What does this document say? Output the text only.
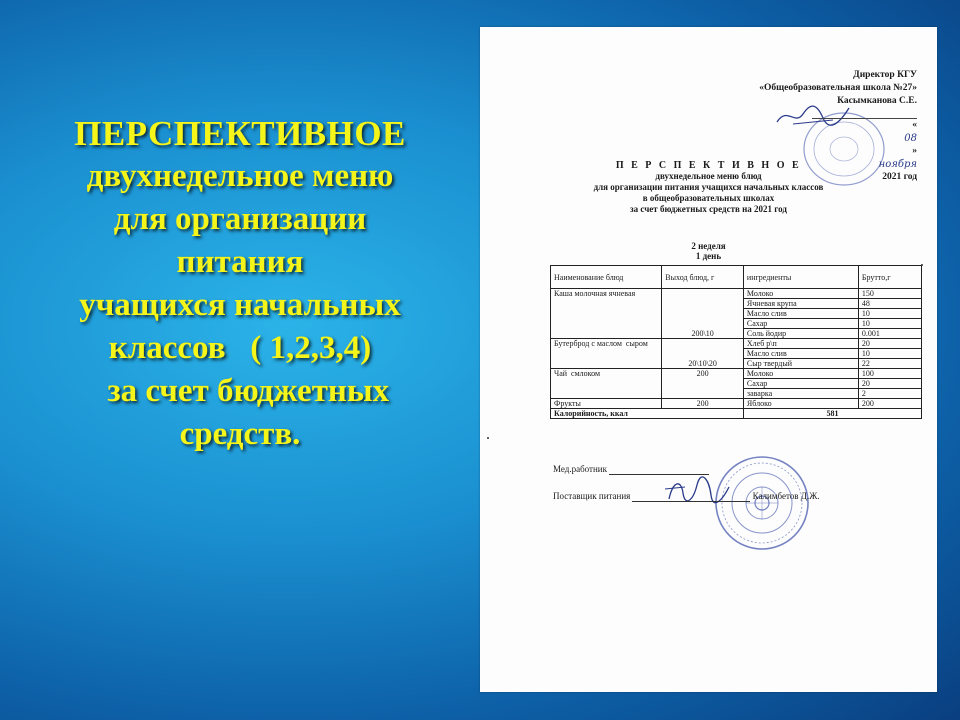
ПЕРСПЕКТИВНОЕ
двухнедельное меню
для организации
питания
учащихся начальных
классов   ( 1,2,3,4)
за счет бюджетных
средств.
Директор КГУ
«Общеобразовательная школа №27»
Касымканова С.Е.
«
08
»
ноября
2021 год
П Е Р С П Е К Т И В Н О Е
двухнедельное меню блюд
для организации питания учащихся начальных классов
в общеобразовательных школах
за счет бюджетных средств на 2021 год
2 неделя
1 день
Наименование блюд	Выход блюд, г	ингредиенты	Брутто,г
Каша молочная ячневая	200\10	Молоко	150
		Ячневая крупа	48
		Масло слив	10
		Сахар	10
		Соль йодир	0.001
Бутерброд с маслом  сыром	20\10\20	Хлеб р\п	20
		Масло слив	10
		Сыр твердый	22
Чай  смлоком	200	Молоко	100
		Сахар	20
		заварка	2
Фрукты	200	Яблоко	200
Калорийность, ккал		581	
Мед.работник
Поставщик питания	Калимбетов Д.Ж.
